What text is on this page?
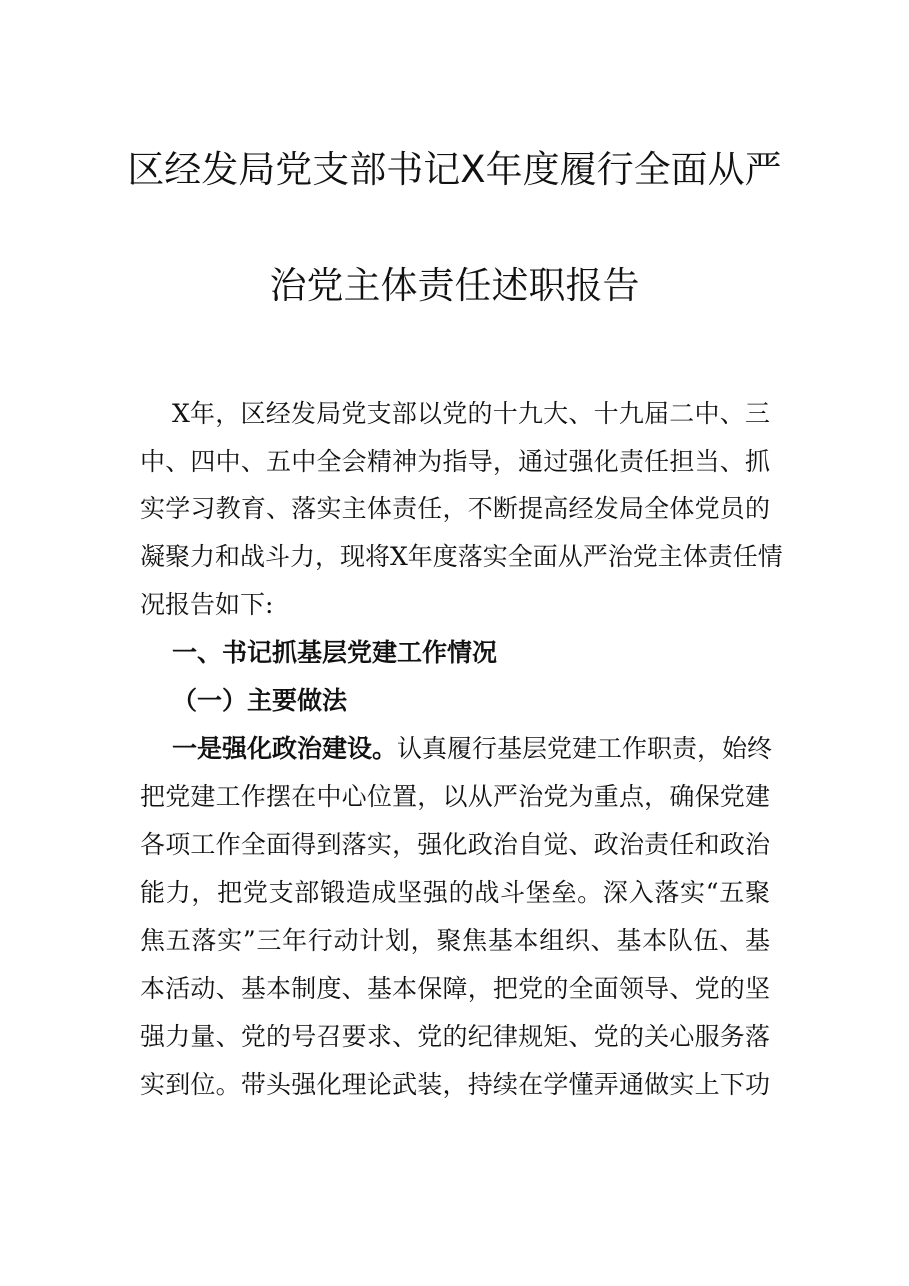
区经发局党支部书记X年度履行全面从严
治党主体责任述职报告
X年，区经发局党支部以党的十九大、十九届二中、三
中、四中、五中全会精神为指导，通过强化责任担当、抓
实学习教育、落实主体责任，不断提高经发局全体党员的
凝聚力和战斗力，现将X年度落实全面从严治党主体责任情
况报告如下:
一、书记抓基层党建工作情况
（一）主要做法
一是强化政治建设。认真履行基层党建工作职责，始终
把党建工作摆在中心位置，以从严治党为重点，确保党建
各项工作全面得到落实，强化政治自觉、政治责任和政治
能力，把党支部锻造成坚强的战斗堡垒。深入落实“五聚
焦五落实”三年行动计划，聚焦基本组织、基本队伍、基
本活动、基本制度、基本保障，把党的全面领导、党的坚
强力量、党的号召要求、党的纪律规矩、党的关心服务落
实到位。带头强化理论武装，持续在学懂弄通做实上下功
